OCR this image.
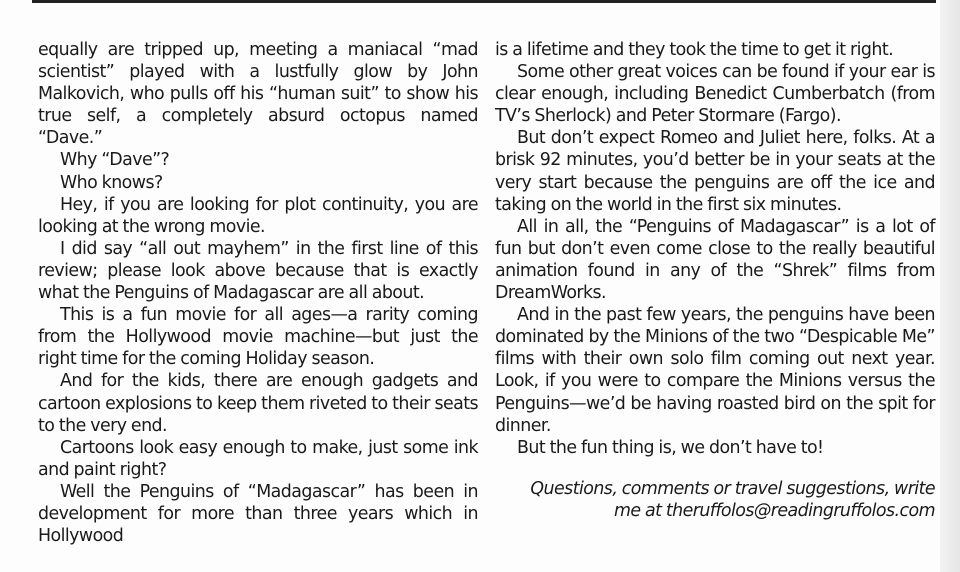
equally are tripped up, meeting a maniacal “mad scientist” played with a lustfully glow by John Malkovich, who pulls off his “human suit” to show his true self, a completely absurd octopus named “Dave.”

Why “Dave”?

Who knows?

Hey, if you are looking for plot continuity, you are looking at the wrong movie.

I did say “all out mayhem” in the first line of this review; please look above because that is exactly what the Penguins of Madagascar are all about.

This is a fun movie for all ages—a rarity coming from the Hollywood movie machine—but just the right time for the coming Holiday season.

And for the kids, there are enough gadgets and cartoon explosions to keep them riveted to their seats to the very end.

Cartoons look easy enough to make, just some ink and paint right?

Well the Penguins of “Madagascar” has been in development for more than three years which in Hollywood

is a lifetime and they took the time to get it right.

Some other great voices can be found if your ear is clear enough, including Benedict Cumberbatch (from TV’s Sherlock) and Peter Stormare (Fargo).

But don’t expect Romeo and Juliet here, folks. At a brisk 92 minutes, you’d better be in your seats at the very start because the penguins are off the ice and taking on the world in the first six minutes.

All in all, the “Penguins of Madagascar” is a lot of fun but don’t even come close to the really beautiful animation found in any of the “Shrek” films from DreamWorks.

And in the past few years, the penguins have been dominated by the Minions of the two “Despicable Me” films with their own solo film coming out next year. Look, if you were to compare the Minions versus the Penguins—we’d be having roasted bird on the spit for dinner.

But the fun thing is, we don’t have to!

Questions, comments or travel suggestions, write
me at theruffolos@readingruffolos.com
